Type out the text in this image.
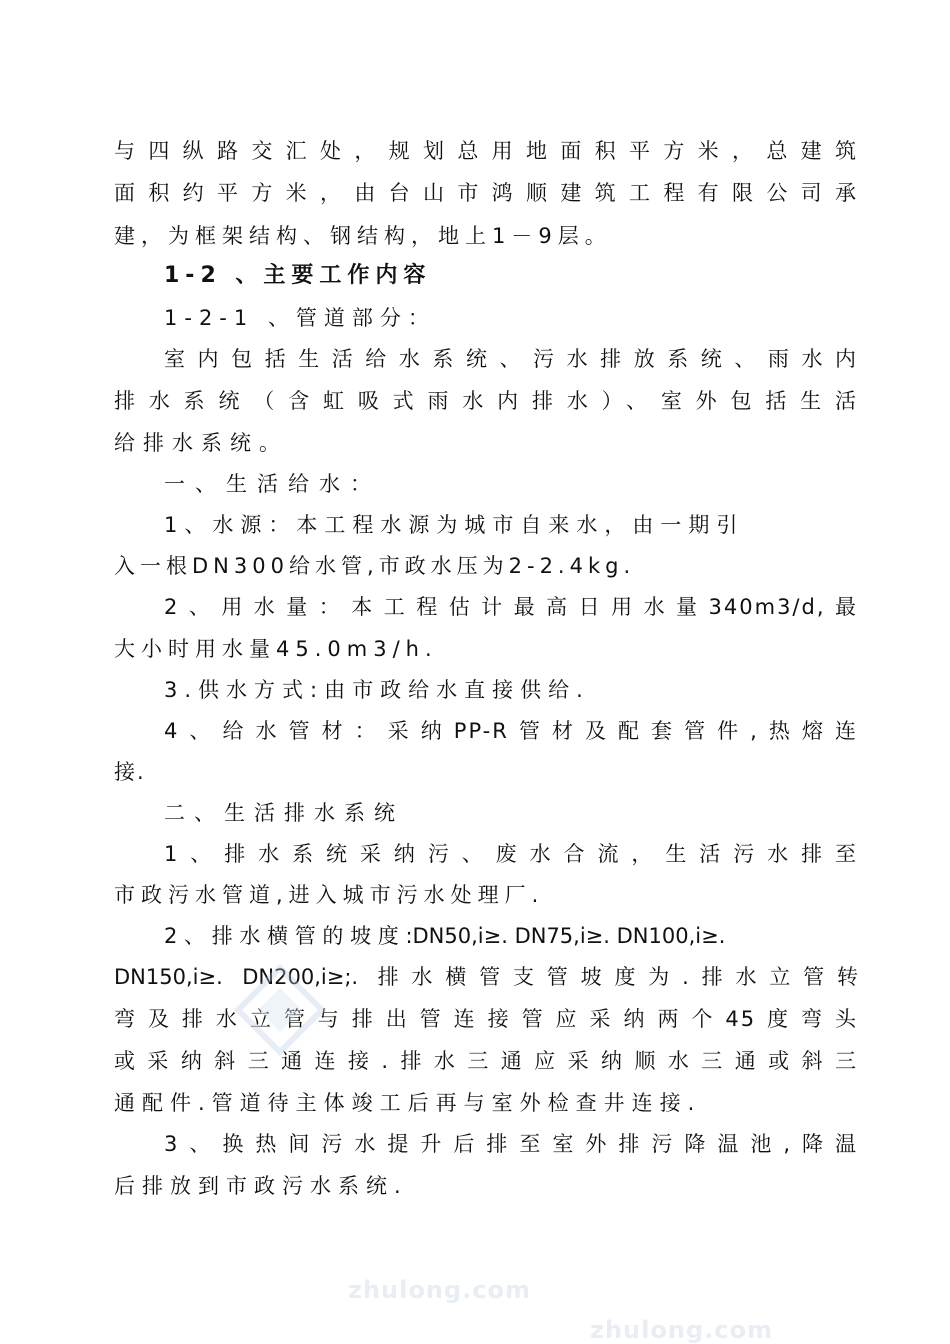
与四纵路交汇处，规划总用地面积平方米，总建筑
面积约平方米，由台山市鸿顺建筑工程有限公司承
建，为框架结构、钢结构，地上1－9层。
1-2 、主要工作内容
1-2-1 、管道部分：
室内包括生活给水系统、污水排放系统、雨水内
排水系统（含虹吸式雨水内排水）、室外包括生活
给排水系统。
一、生活给水：
1、水源：本工程水源为城市自来水，由一期引
入一根DN300给水管,市政水压为2-2.4kg.
2、用水量：本工程估计最高日用水量340m3/d,最
大小时用水量45.0m3/h.
3.供水方式:由市政给水直接供给.
4、给水管材：采纳PP-R管材及配套管件,热熔连
接.
二、生活排水系统
1、排水系统采纳污、废水合流，生活污水排至
市政污水管道,进入城市污水处理厂.
2 、 排 水 横 管 的 坡 度 :DN50,i≥. DN75,i≥. DN100,i≥.
DN150,i≥. DN200,i≥;. 排水横管支管坡度为.排水立管转
弯及排水立管与排出管连接管应采纳两个45度弯头
或采纳斜三通连接.排水三通应采纳顺水三通或斜三
通配件.管道待主体竣工后再与室外检查井连接.
3、换热间污水提升后排至室外排污降温池,降温
后排放到市政污水系统.
zhulong.com
zhulong.com
